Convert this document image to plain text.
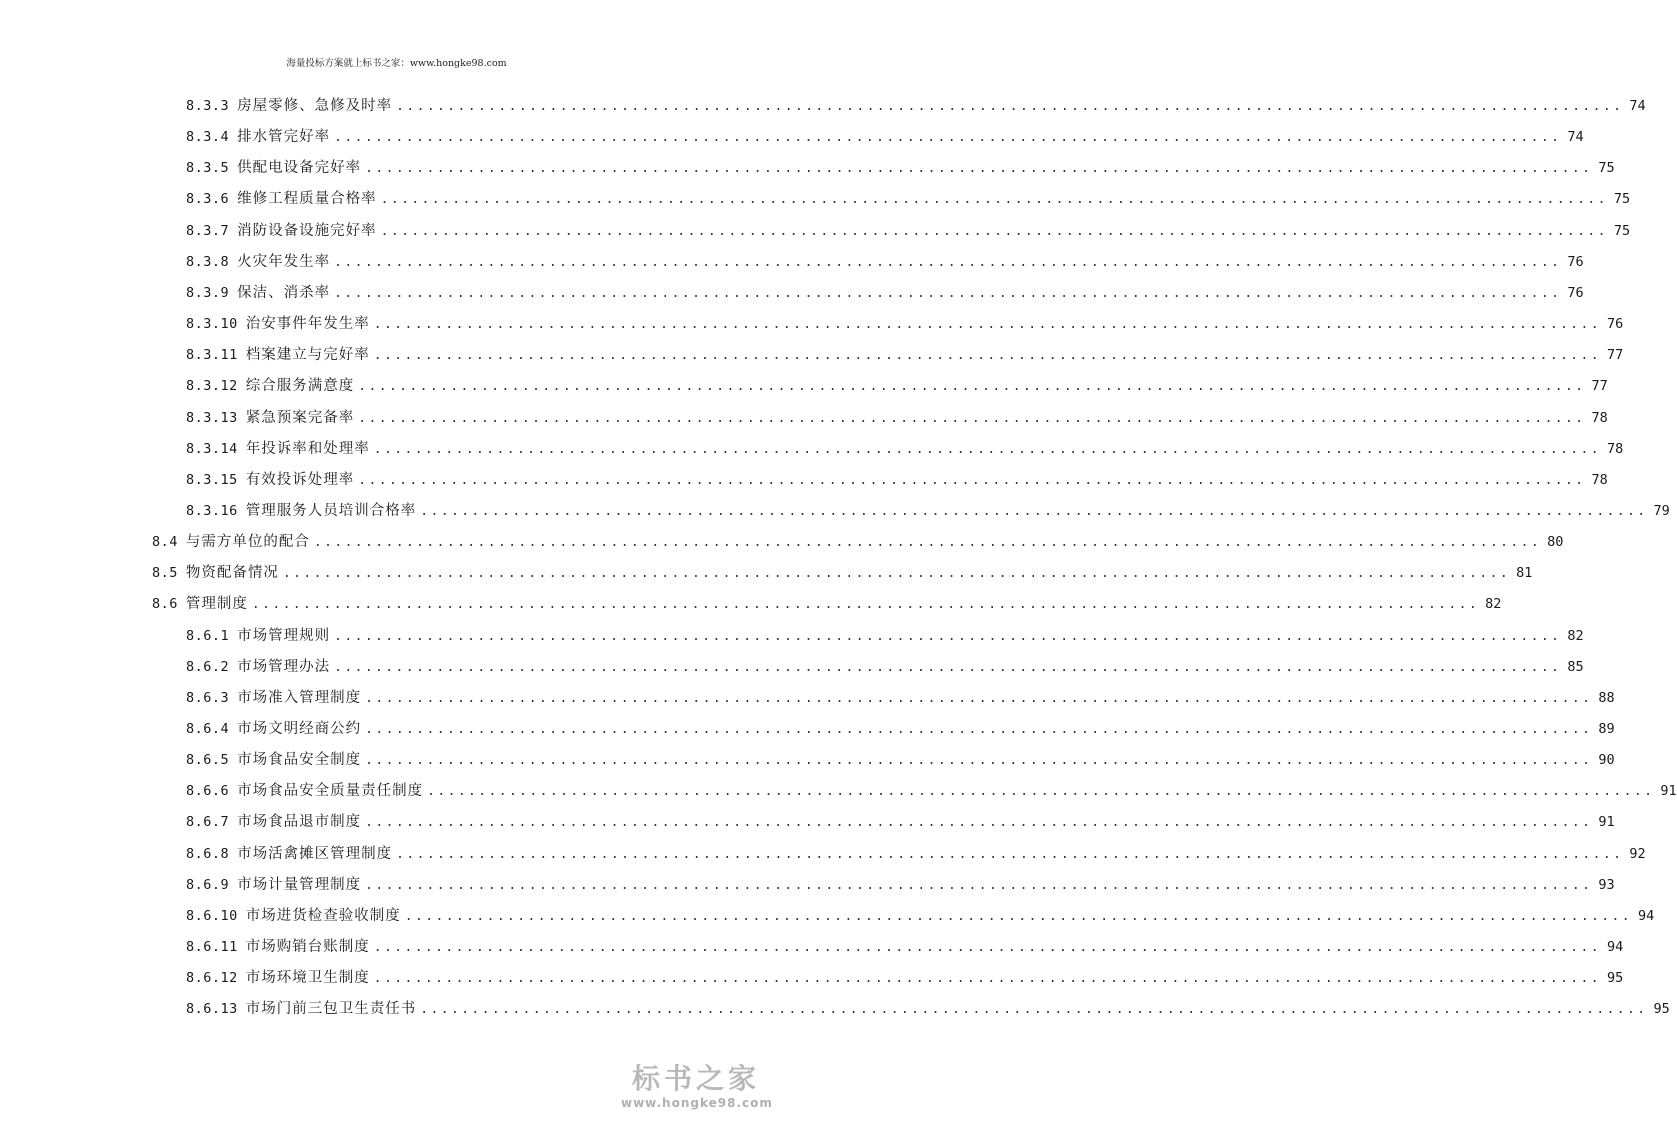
海量投标方案就上标书之家：www.hongke98.com
8.3.3 房屋零修、急修及时率 ........................................................................................................................ 74
8.3.4 排水管完好率 ........................................................................................................................ 74
8.3.5 供配电设备完好率 ........................................................................................................................ 75
8.3.6 维修工程质量合格率 ........................................................................................................................ 75
8.3.7 消防设备设施完好率 ........................................................................................................................ 75
8.3.8 火灾年发生率 ........................................................................................................................ 76
8.3.9 保洁、消杀率 ........................................................................................................................ 76
8.3.10 治安事件年发生率 ........................................................................................................................ 76
8.3.11 档案建立与完好率 ........................................................................................................................ 77
8.3.12 综合服务满意度 ........................................................................................................................ 77
8.3.13 紧急预案完备率 ........................................................................................................................ 78
8.3.14 年投诉率和处理率 ........................................................................................................................ 78
8.3.15 有效投诉处理率 ........................................................................................................................ 78
8.3.16 管理服务人员培训合格率 ........................................................................................................................ 79
8.4 与需方单位的配合 ........................................................................................................................ 80
8.5 物资配备情况 ........................................................................................................................ 81
8.6 管理制度 ........................................................................................................................ 82
8.6.1 市场管理规则 ........................................................................................................................ 82
8.6.2 市场管理办法 ........................................................................................................................ 85
8.6.3 市场准入管理制度 ........................................................................................................................ 88
8.6.4 市场文明经商公约 ........................................................................................................................ 89
8.6.5 市场食品安全制度 ........................................................................................................................ 90
8.6.6 市场食品安全质量责任制度 ........................................................................................................................ 91
8.6.7 市场食品退市制度 ........................................................................................................................ 91
8.6.8 市场活禽摊区管理制度 ........................................................................................................................ 92
8.6.9 市场计量管理制度 ........................................................................................................................ 93
8.6.10 市场进货检查验收制度 ........................................................................................................................ 94
8.6.11 市场购销台账制度 ........................................................................................................................ 94
8.6.12 市场环境卫生制度 ........................................................................................................................ 95
8.6.13 市场门前三包卫生责任书 ........................................................................................................................ 95
标书之家
www.hongke98.com
